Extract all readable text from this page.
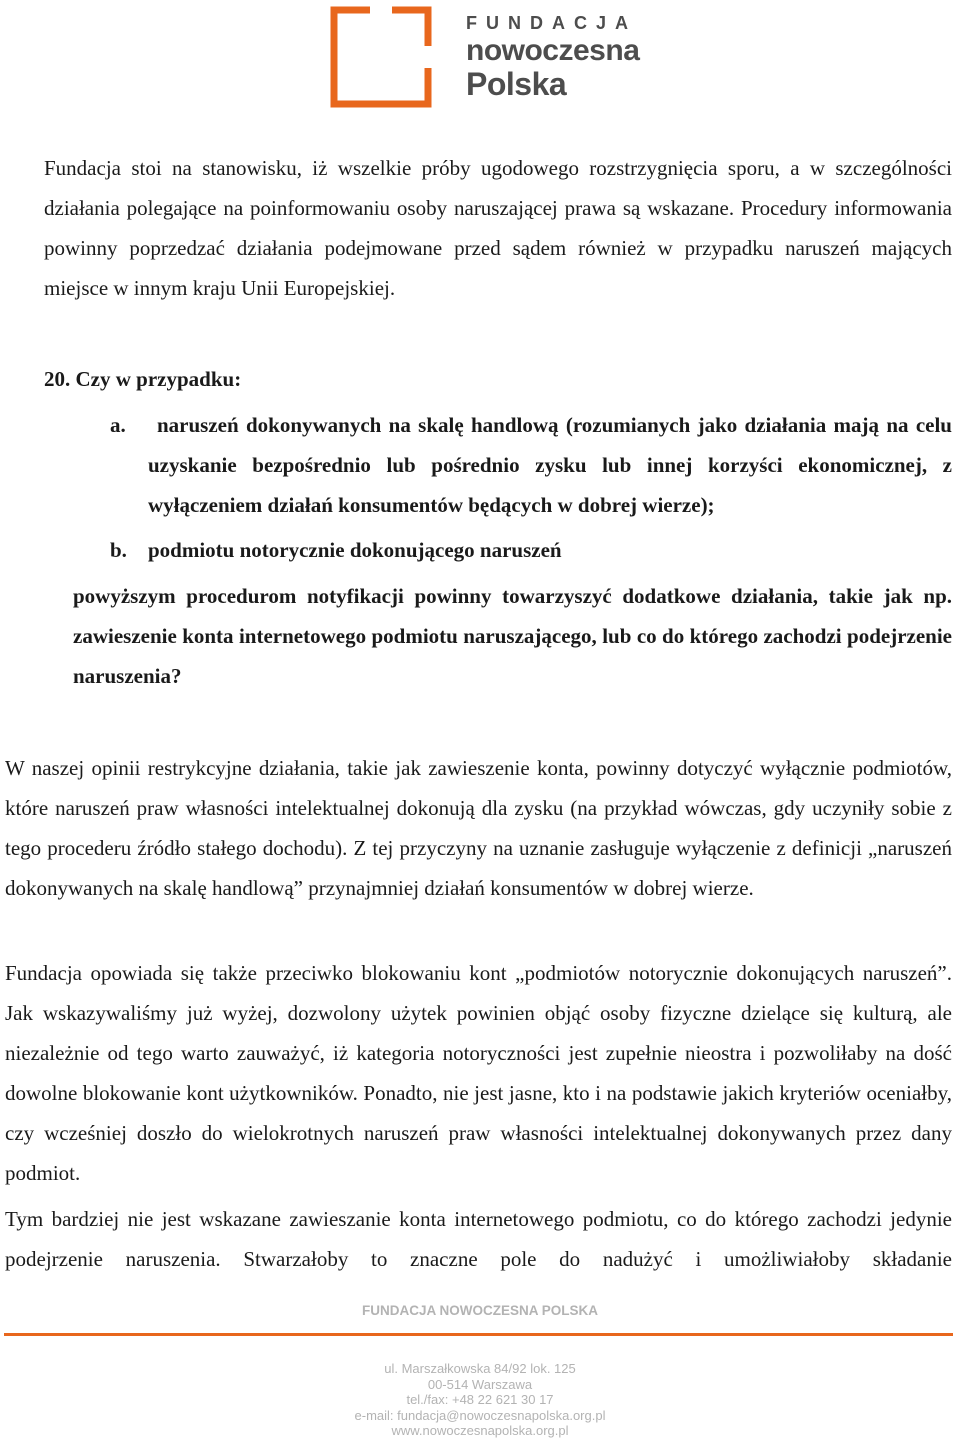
FUNDACJA
nowoczesna
Polska

Fundacja stoi na stanowisku, iż wszelkie próby ugodowego rozstrzygnięcia sporu, a w szczególności działania polegające na poinformowaniu osoby naruszającej prawa są wskazane. Procedury informowania powinny poprzedzać działania podejmowane przed sądem również w przypadku naruszeń mających miejsce w innym kraju Unii Europejskiej.

20. Czy w przypadku:
a.	naruszeń dokonywanych na skalę handlową (rozumianych jako działania mają na celu uzyskanie bezpośrednio lub pośrednio zysku lub innej korzyści ekonomicznej, z wyłączeniem działań konsumentów będących w dobrej wierze);

b. podmiotu notorycznie dokonującego naruszeń

powyższym procedurom notyfikacji powinny towarzyszyć dodatkowe działania, takie jak np. zawieszenie konta internetowego podmiotu naruszającego, lub co do którego zachodzi podejrzenie naruszenia?

W naszej opinii restrykcyjne działania, takie jak zawieszenie konta, powinny dotyczyć wyłącznie podmiotów, które naruszeń praw własności intelektualnej dokonują dla zysku (na przykład wówczas, gdy uczyniły sobie z tego procederu źródło stałego dochodu). Z tej przyczyny na uznanie zasługuje wyłączenie z definicji „naruszeń dokonywanych na skalę handlową” przynajmniej działań konsumentów w dobrej wierze.

Fundacja opowiada się także przeciwko blokowaniu kont „podmiotów notorycznie dokonujących naruszeń”. Jak wskazywaliśmy już wyżej, dozwolony użytek powinien objąć osoby fizyczne dzielące się kulturą, ale niezależnie od tego warto zauważyć, iż kategoria notoryczności jest zupełnie nieostra i pozwoliłaby na dość dowolne blokowanie kont użytkowników. Ponadto, nie jest jasne, kto i na podstawie jakich kryteriów oceniałby, czy wcześniej doszło do wielokrotnych naruszeń praw własności intelektualnej dokonywanych przez dany podmiot.

Tym bardziej nie jest wskazane zawieszanie konta internetowego podmiotu, co do którego zachodzi jedynie podejrzenie naruszenia. Stwarzałoby to znaczne pole do nadużyć i umożliwiałoby składanie

FUNDACJA NOWOCZESNA POLSKA
ul. Marszałkowska 84/92 lok. 125
00-514 Warszawa
tel./fax: +48 22 621 30 17
e-mail: fundacja@nowoczesnapolska.org.pl
www.nowoczesnapolska.org.pl
